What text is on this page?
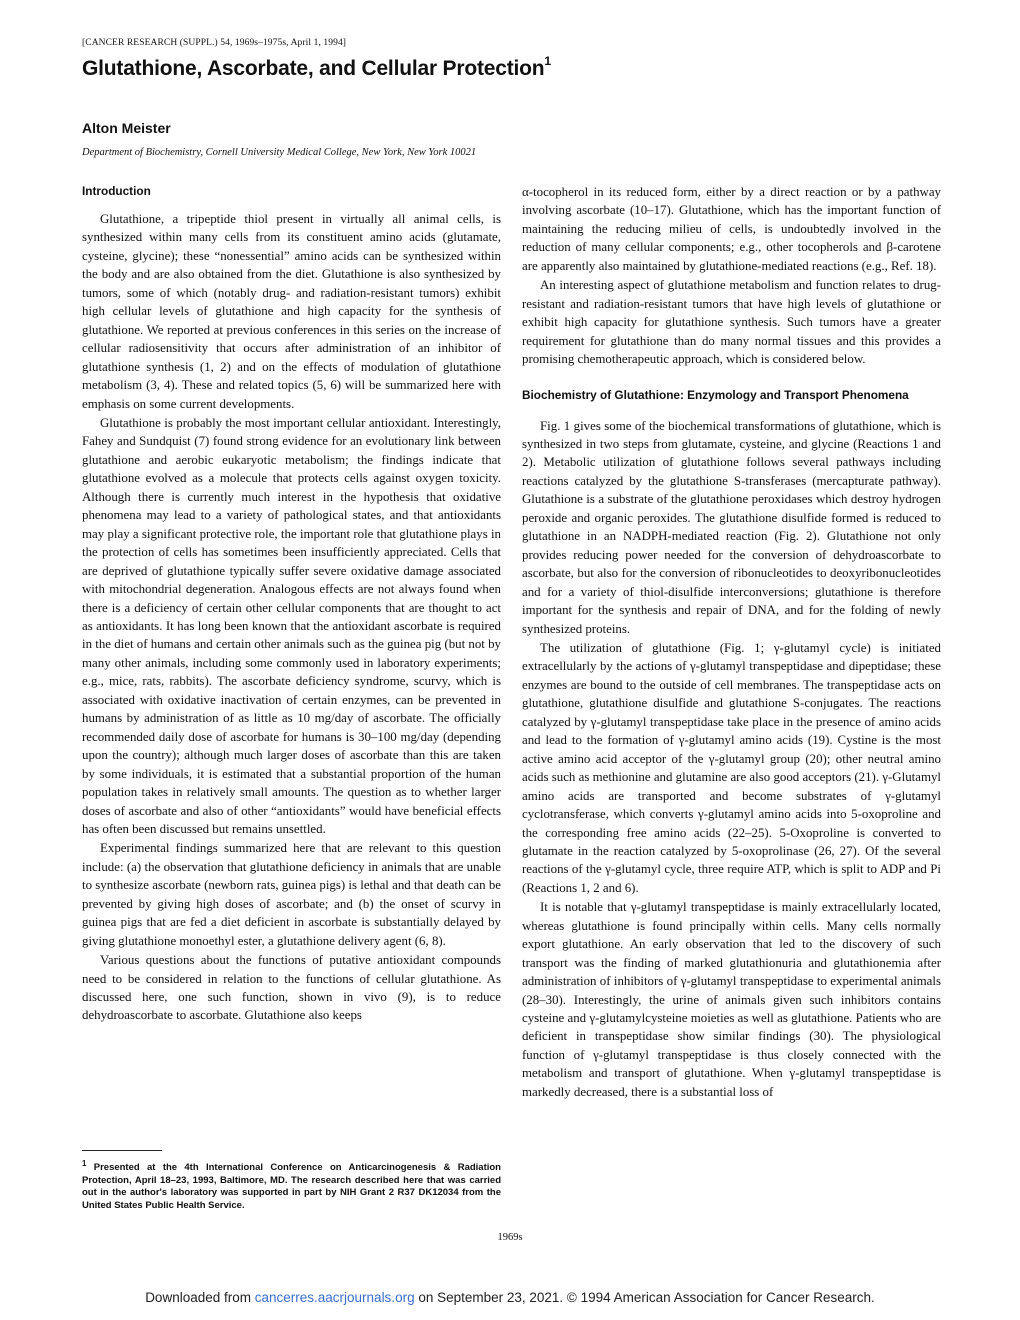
[CANCER RESEARCH (SUPPL.) 54, 1969s–1975s, April 1, 1994]
Glutathione, Ascorbate, and Cellular Protection$^1$
Alton Meister
Department of Biochemistry, Cornell University Medical College, New York, New York 10021
Introduction

Glutathione, a tripeptide thiol present in virtually all animal cells, is synthesized within many cells from its constituent amino acids (glutamate, cysteine, glycine); these “nonessential” amino acids can be synthesized within the body and are also obtained from the diet. Glutathione is also synthesized by tumors, some of which (notably drug- and radiation-resistant tumors) exhibit high cellular levels of glutathione and high capacity for the synthesis of glutathione. We reported at previous conferences in this series on the increase of cellular radiosensitivity that occurs after administration of an inhibitor of glutathione synthesis (1, 2) and on the effects of modulation of glutathione metabolism (3, 4). These and related topics (5, 6) will be summarized here with emphasis on some current developments.

Glutathione is probably the most important cellular antioxidant. Interestingly, Fahey and Sundquist (7) found strong evidence for an evolutionary link between glutathione and aerobic eukaryotic metabolism; the findings indicate that glutathione evolved as a molecule that protects cells against oxygen toxicity. Although there is currently much interest in the hypothesis that oxidative phenomena may lead to a variety of pathological states, and that antioxidants may play a significant protective role, the important role that glutathione plays in the protection of cells has sometimes been insufficiently appreciated. Cells that are deprived of glutathione typically suffer severe oxidative damage associated with mitochondrial degeneration. Analogous effects are not always found when there is a deficiency of certain other cellular components that are thought to act as antioxidants. It has long been known that the antioxidant ascorbate is required in the diet of humans and certain other animals such as the guinea pig (but not by many other animals, including some commonly used in laboratory experiments; e.g., mice, rats, rabbits). The ascorbate deficiency syndrome, scurvy, which is associated with oxidative inactivation of certain enzymes, can be prevented in humans by administration of as little as 10 mg/day of ascorbate. The officially recommended daily dose of ascorbate for humans is 30–100 mg/day (depending upon the country); although much larger doses of ascorbate than this are taken by some individuals, it is estimated that a substantial proportion of the human population takes in relatively small amounts. The question as to whether larger doses of ascorbate and also of other “antioxidants” would have beneficial effects has often been discussed but remains unsettled.

Experimental findings summarized here that are relevant to this question include: (a) the observation that glutathione deficiency in animals that are unable to synthesize ascorbate (newborn rats, guinea pigs) is lethal and that death can be prevented by giving high doses of ascorbate; and (b) the onset of scurvy in guinea pigs that are fed a diet deficient in ascorbate is substantially delayed by giving glutathione monoethyl ester, a glutathione delivery agent (6, 8).

Various questions about the functions of putative antioxidant compounds need to be considered in relation to the functions of cellular glutathione. As discussed here, one such function, shown in vivo (9), is to reduce dehydroascorbate to ascorbate. Glutathione also keeps

$^1$ Presented at the 4th International Conference on Anticarcinogenesis & Radiation Protection, April 18–23, 1993, Baltimore, MD. The research described here that was carried out in the author's laboratory was supported in part by NIH Grant 2 R37 DK12034 from the United States Public Health Service.

α-tocopherol in its reduced form, either by a direct reaction or by a pathway involving ascorbate (10–17). Glutathione, which has the important function of maintaining the reducing milieu of cells, is undoubtedly involved in the reduction of many cellular components; e.g., other tocopherols and β-carotene are apparently also maintained by glutathione-mediated reactions (e.g., Ref. 18).

An interesting aspect of glutathione metabolism and function relates to drug-resistant and radiation-resistant tumors that have high levels of glutathione or exhibit high capacity for glutathione synthesis. Such tumors have a greater requirement for glutathione than do many normal tissues and this provides a promising chemotherapeutic approach, which is considered below.

Biochemistry of Glutathione: Enzymology and Transport Phenomena

Fig. 1 gives some of the biochemical transformations of glutathione, which is synthesized in two steps from glutamate, cysteine, and glycine (Reactions 1 and 2). Metabolic utilization of glutathione follows several pathways including reactions catalyzed by the glutathione S-transferases (mercapturate pathway). Glutathione is a substrate of the glutathione peroxidases which destroy hydrogen peroxide and organic peroxides. The glutathione disulfide formed is reduced to glutathione in an NADPH-mediated reaction (Fig. 2). Glutathione not only provides reducing power needed for the conversion of dehydroascorbate to ascorbate, but also for the conversion of ribonucleotides to deoxyribonucleotides and for a variety of thiol-disulfide interconversions; glutathione is therefore important for the synthesis and repair of DNA, and for the folding of newly synthesized proteins.

The utilization of glutathione (Fig. 1; γ-glutamyl cycle) is initiated extracellularly by the actions of γ-glutamyl transpeptidase and dipeptidase; these enzymes are bound to the outside of cell membranes. The transpeptidase acts on glutathione, glutathione disulfide and glutathione S-conjugates. The reactions catalyzed by γ-glutamyl transpeptidase take place in the presence of amino acids and lead to the formation of γ-glutamyl amino acids (19). Cystine is the most active amino acid acceptor of the γ-glutamyl group (20); other neutral amino acids such as methionine and glutamine are also good acceptors (21). γ-Glutamyl amino acids are transported and become substrates of γ-glutamyl cyclotransferase, which converts γ-glutamyl amino acids into 5-oxoproline and the corresponding free amino acids (22–25). 5-Oxoproline is converted to glutamate in the reaction catalyzed by 5-oxoprolinase (26, 27). Of the several reactions of the γ-glutamyl cycle, three require ATP, which is split to ADP and Pi (Reactions 1, 2 and 6).

It is notable that γ-glutamyl transpeptidase is mainly extracellularly located, whereas glutathione is found principally within cells. Many cells normally export glutathione. An early observation that led to the discovery of such transport was the finding of marked glutathionuria and glutathionemia after administration of inhibitors of γ-glutamyl transpeptidase to experimental animals (28–30). Interestingly, the urine of animals given such inhibitors contains cysteine and γ-glutamylcysteine moieties as well as glutathione. Patients who are deficient in transpeptidase show similar findings (30). The physiological function of γ-glutamyl transpeptidase is thus closely connected with the metabolism and transport of glutathione. When γ-glutamyl transpeptidase is markedly decreased, there is a substantial loss of

1969s
Downloaded from cancerres.aacrjournals.org on September 23, 2021. © 1994 American Association for Cancer Research.
